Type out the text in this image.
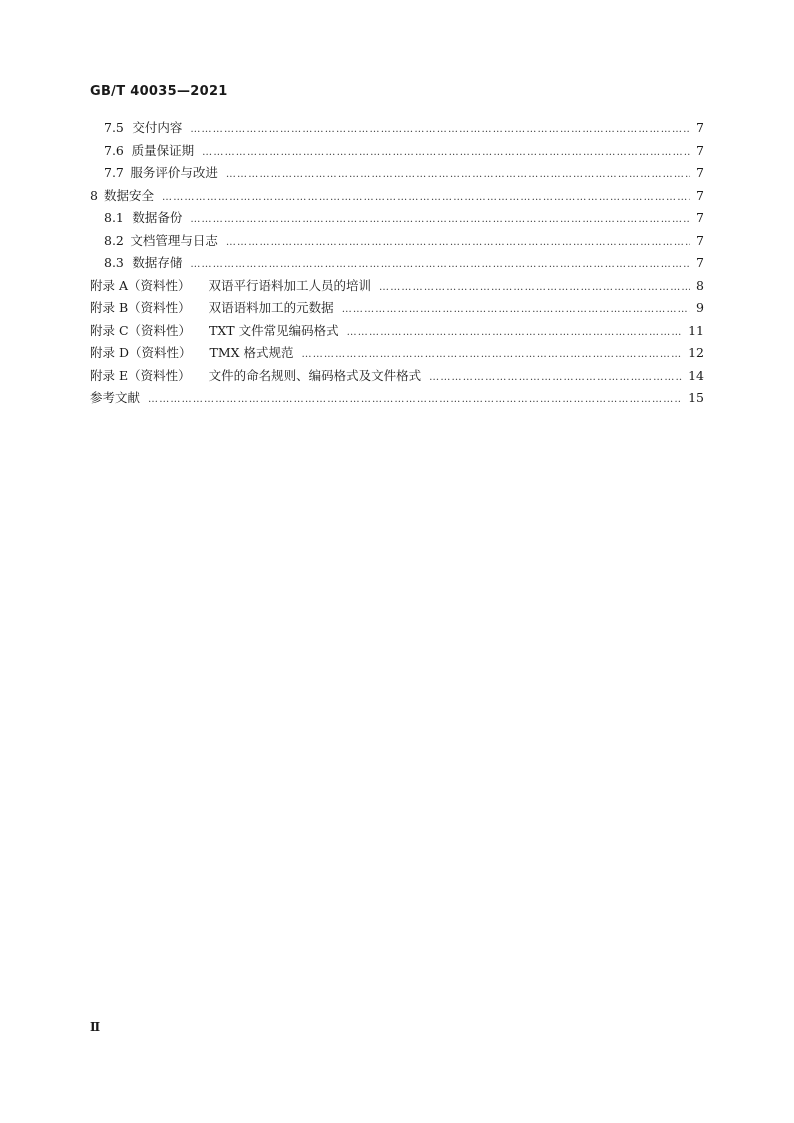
GB/T 40035—2021
7.5 交付内容 ……………………………………………………………………………………………………………………………………………………………………………………………………	7
7.6 质量保证期 ……………………………………………………………………………………………………………………………………………………………………………………………………	7
7.7 服务评价与改进 ……………………………………………………………………………………………………………………………………………………………………………………………………	7
8 数据安全 ……………………………………………………………………………………………………………………………………………………………………………………………………	7
8.1 数据备份 ……………………………………………………………………………………………………………………………………………………………………………………………………	7
8.2 文档管理与日志 ……………………………………………………………………………………………………………………………………………………………………………………………………	7
8.3 数据存储 ……………………………………………………………………………………………………………………………………………………………………………………………………	7
附录 A（资料性） 双语平行语料加工人员的培训 ……………………………………………………………………………………………………………………………………………………………………………………………………	8
附录 B（资料性） 双语语料加工的元数据 ……………………………………………………………………………………………………………………………………………………………………………………………………	9
附录 C（资料性） TXT 文件常见编码格式 ……………………………………………………………………………………………………………………………………………………………………………………………………	11
附录 D（资料性） TMX 格式规范 ……………………………………………………………………………………………………………………………………………………………………………………………………	12
附录 E（资料性） 文件的命名规则、编码格式及文件格式 ……………………………………………………………………………………………………………………………………………………………………………………………………	14
参考文献 ……………………………………………………………………………………………………………………………………………………………………………………………………	15
Ⅱ
